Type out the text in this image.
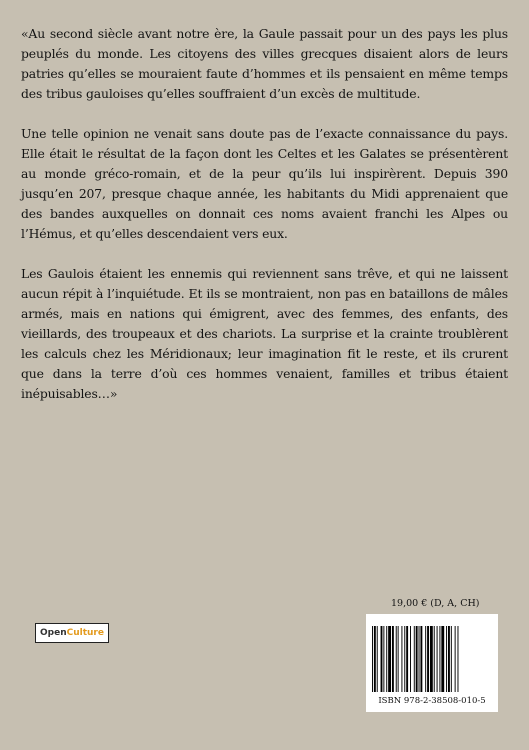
«Au second siècle avant notre ère, la Gaule passait pour un des pays les plus peuplés du monde. Les citoyens des villes grecques disaient alors de leurs patries qu’elles se mouraient faute d’hommes et ils pensaient en même temps des tribus gauloises qu’elles souffraient d’un excès de multitude.

Une telle opinion ne venait sans doute pas de l’exacte connaissance du pays. Elle était le résultat de la façon dont les Celtes et les Galates se présentèrent au monde gréco-romain, et de la peur qu’ils lui inspirèrent. Depuis 390 jusqu’en 207, presque chaque année, les habitants du Midi apprenaient que des bandes auxquelles on donnait ces noms avaient franchi les Alpes ou l’Hémus, et qu’elles descendaient vers eux.

Les Gaulois étaient les ennemis qui reviennent sans trêve, et qui ne laissent aucun répit à l’inquiétude. Et ils se montraient, non pas en bataillons de mâles armés, mais en nations qui émigrent, avec des femmes, des enfants, des vieillards, des troupeaux et des chariots. La surprise et la crainte troublèrent les calculs chez les Méridionaux; leur imagination fit le reste, et ils crurent que dans la terre d’où ces hommes venaient, familles et tribus étaient inépuisables…»

19,00 € (D, A, CH)
Open Culture
ISBN 978-2-38508-010-5
